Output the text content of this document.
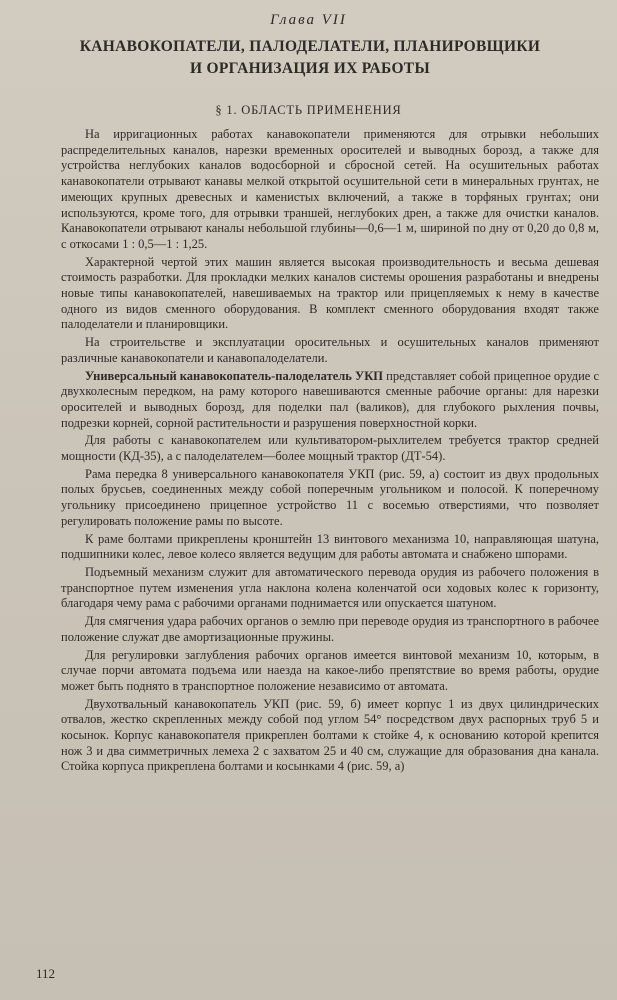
Глава VII
КАНАВОКОПАТЕЛИ, ПАЛОДЕЛАТЕЛИ, ПЛАНИРОВЩИКИ
И ОРГАНИЗАЦИЯ ИХ РАБОТЫ
§ 1. ОБЛАСТЬ ПРИМЕНЕНИЯ

На ирригационных работах канавокопатели применяются для отрывки небольших распределительных каналов, нарезки временных оросителей и выводных борозд, а также для устройства неглубоких каналов водосборной и сбросной сетей. На осушительных работах канавокопатели отрывают канавы мелкой открытой осушительной сети в минеральных грунтах, не имеющих крупных древесных и каменистых включений, а также в торфяных грунтах; они используются, кроме того, для отрывки траншей, неглубоких дрен, а также для очистки каналов. Канавокопатели отрывают каналы небольшой глубины—0,6—1 м, шириной по дну от 0,20 до 0,8 м, с откосами 1 : 0,5—1 : 1,25.

Характерной чертой этих машин является высокая производительность и весьма дешевая стоимость разработки. Для прокладки мелких каналов системы орошения разработаны и внедрены новые типы канавокопателей, навешиваемых на трактор или прицепляемых к нему в качестве одного из видов сменного оборудования. В комплект сменного оборудования входят также палоделатели и планировщики.

На строительстве и эксплуатации оросительных и осушительных каналов применяют различные канавокопатели и канавопалоделатели.

Универсальный канавокопатель-палоделатель УКП представляет собой прицепное орудие с двухколесным передком, на раму которого навешиваются сменные рабочие органы: для нарезки оросителей и выводных борозд, для поделки пал (валиков), для глубокого рыхления почвы, подрезки корней, сорной растительности и разрушения поверхностной корки.

Для работы с канавокопателем или культиватором-рыхлителем требуется трактор средней мощности (КД-35), а с палоделателем—более мощный трактор (ДТ-54).

Рама передка 8 универсального канавокопателя УКП (рис. 59, а) состоит из двух продольных полых брусьев, соединенных между собой поперечным угольником и полосой. К поперечному угольнику присоединено прицепное устройство 11 с восемью отверстиями, что позволяет регулировать положение рамы по высоте.

К раме болтами прикреплены кронштейн 13 винтового механизма 10, направляющая шатуна, подшипники колес, левое колесо является ведущим для работы автомата и снабжено шпорами.

Подъемный механизм служит для автоматического перевода орудия из рабочего положения в транспортное путем изменения угла наклона колена коленчатой оси ходовых колес к горизонту, благодаря чему рама с рабочими органами поднимается или опускается шатуном.

Для смягчения удара рабочих органов о землю при переводе орудия из транспортного в рабочее положение служат две амортизационные пружины.

Для регулировки заглубления рабочих органов имеется винтовой механизм 10, которым, в случае порчи автомата подъема или наезда на какое-либо препятствие во время работы, орудие может быть поднято в транспортное положение независимо от автомата.

Двухотвальный канавокопатель УКП (рис. 59, б) имеет корпус 1 из двух цилиндрических отвалов, жестко скрепленных между собой под углом 54° посредством двух распорных труб 5 и косынок. Корпус канавокопателя прикреплен болтами к стойке 4, к основанию которой крепится нож 3 и два симметричных лемеха 2 с захватом 25 и 40 см, служащие для образования дна канала. Стойка корпуса прикреплена болтами и косынками 4 (рис. 59, а)

112
